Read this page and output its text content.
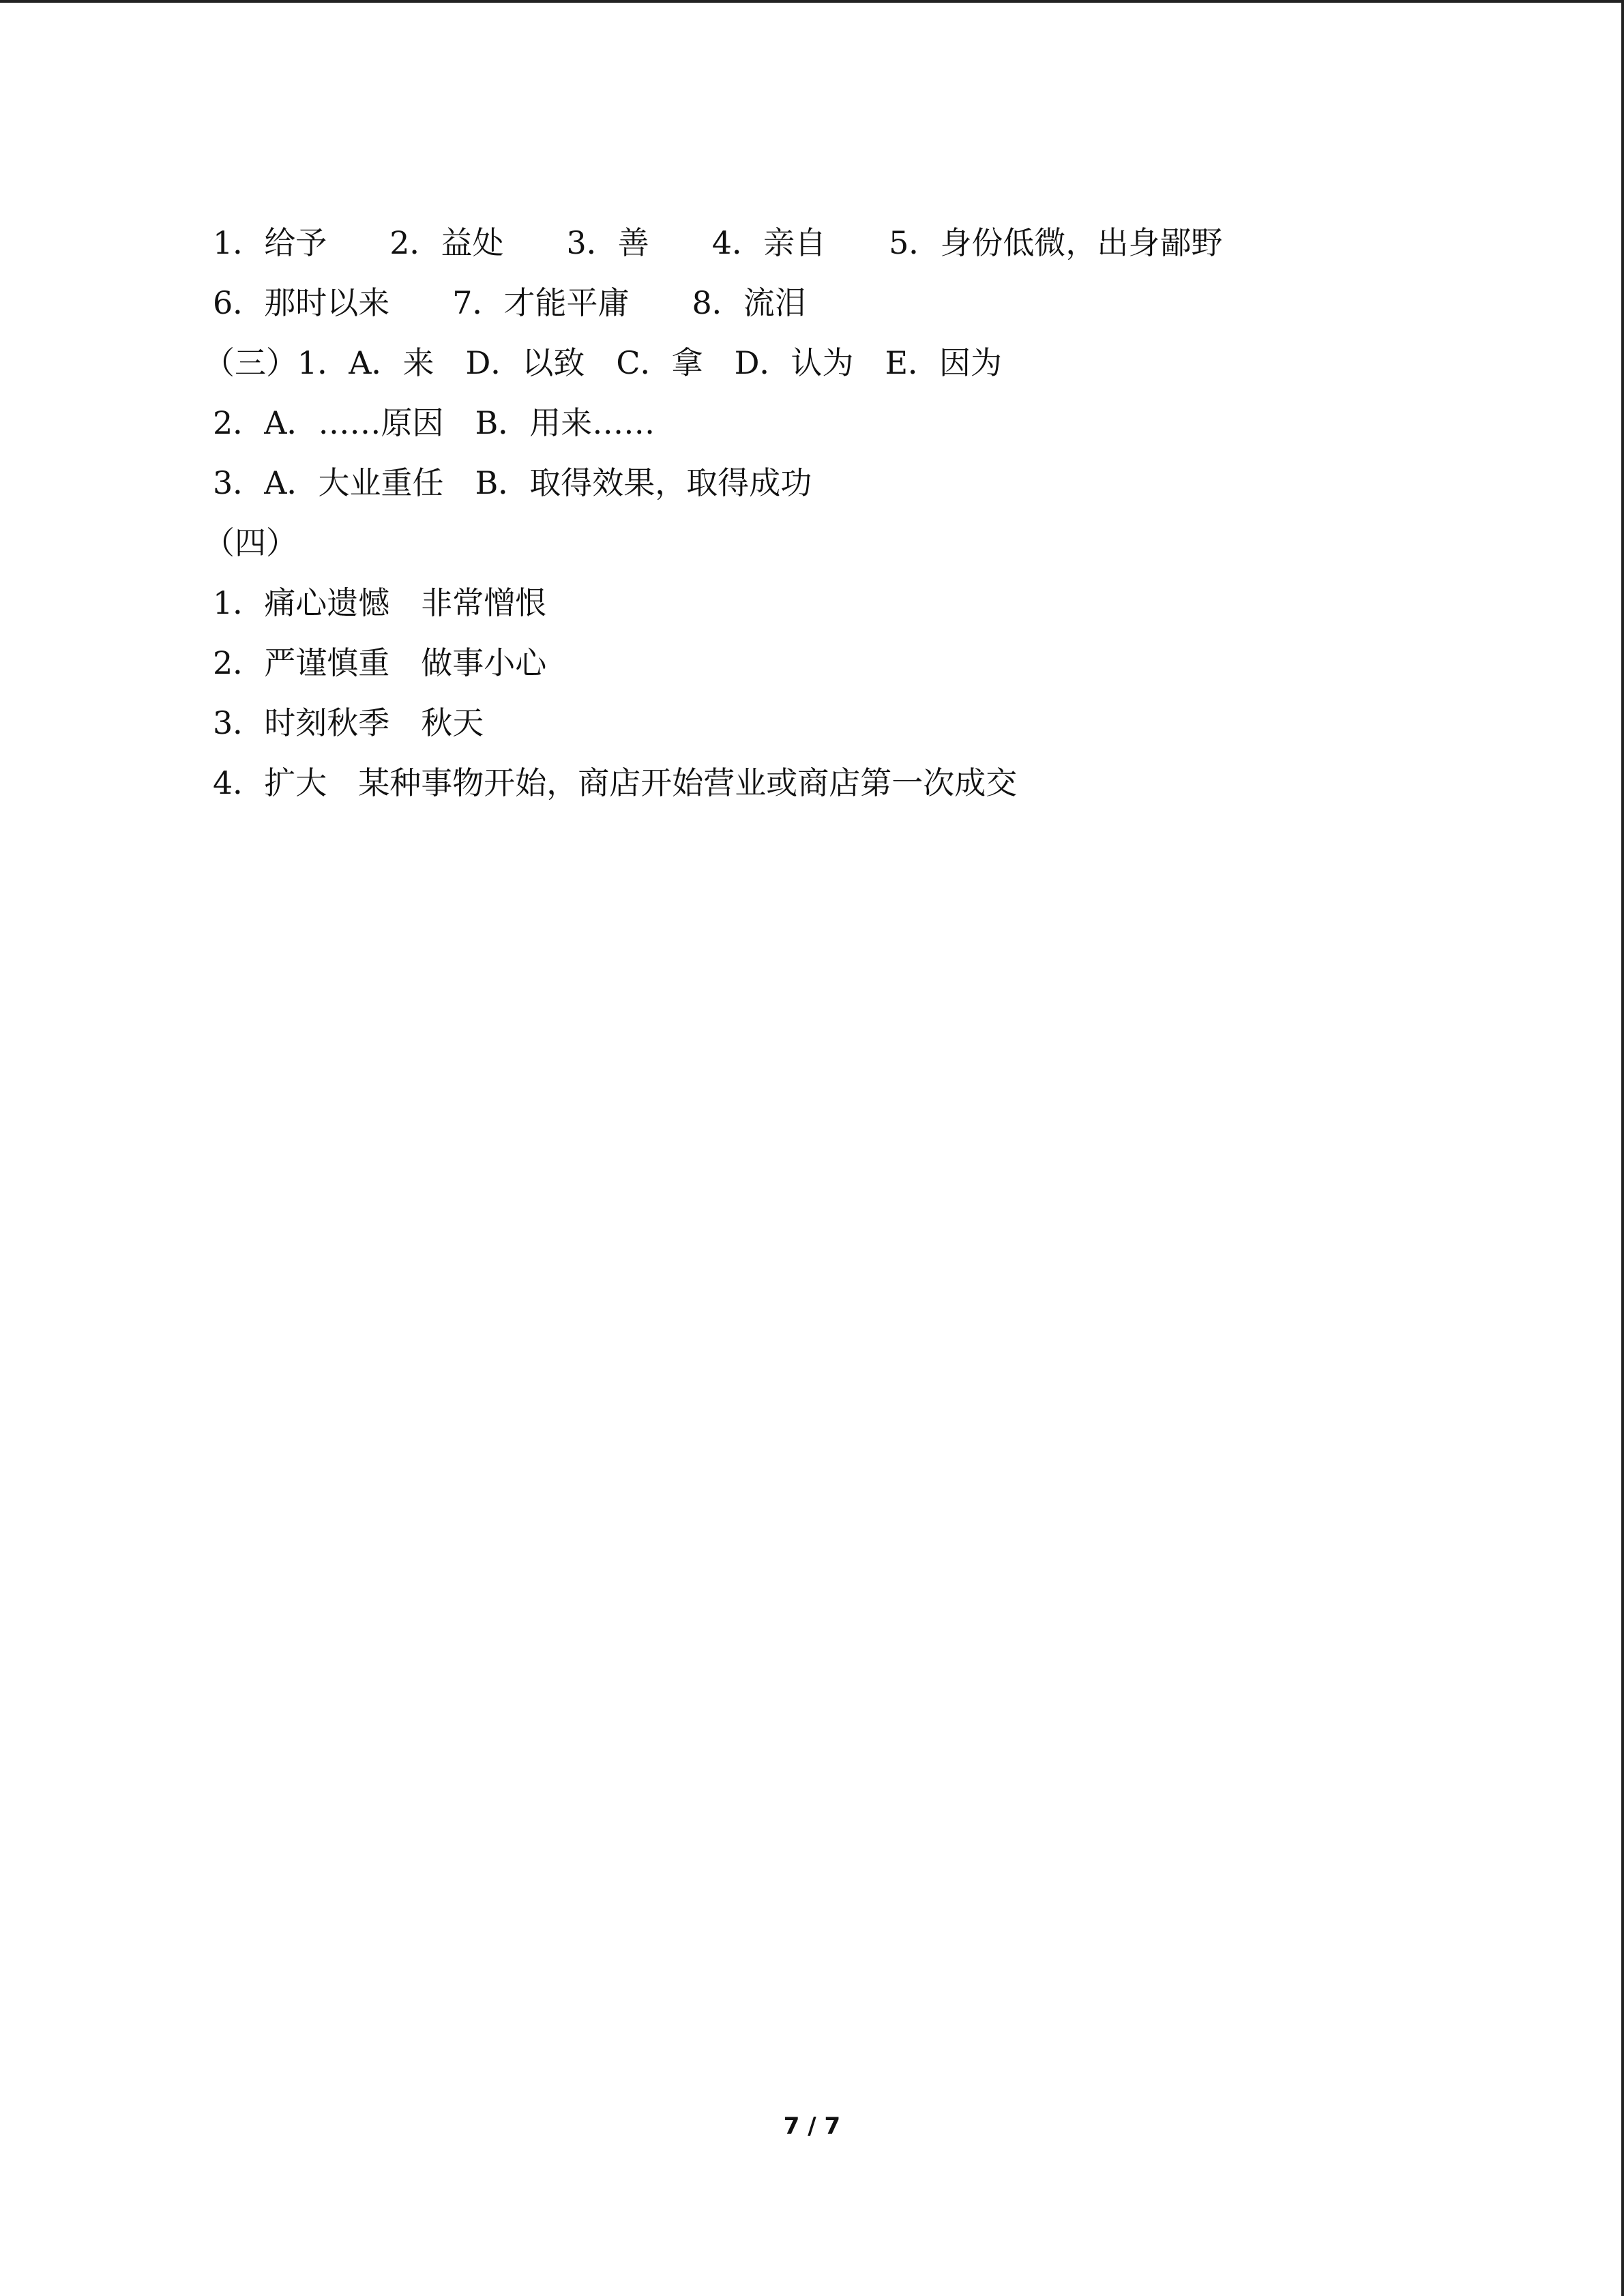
1．给予　　2．益处　　3．善　　4．亲自　　5．身份低微，出身鄙野
6．那时以来　　7．才能平庸　　8．流泪
（三）1．A．来　D．以致　C．拿　D．认为　E．因为
2．A．……原因　B．用来……
3．A．大业重任　B．取得效果，取得成功
（四）
1．痛心遗憾　非常憎恨
2．严谨慎重　做事小心
3．时刻秋季　秋天
4．扩大　某种事物开始，商店开始营业或商店第一次成交
7 / 7
